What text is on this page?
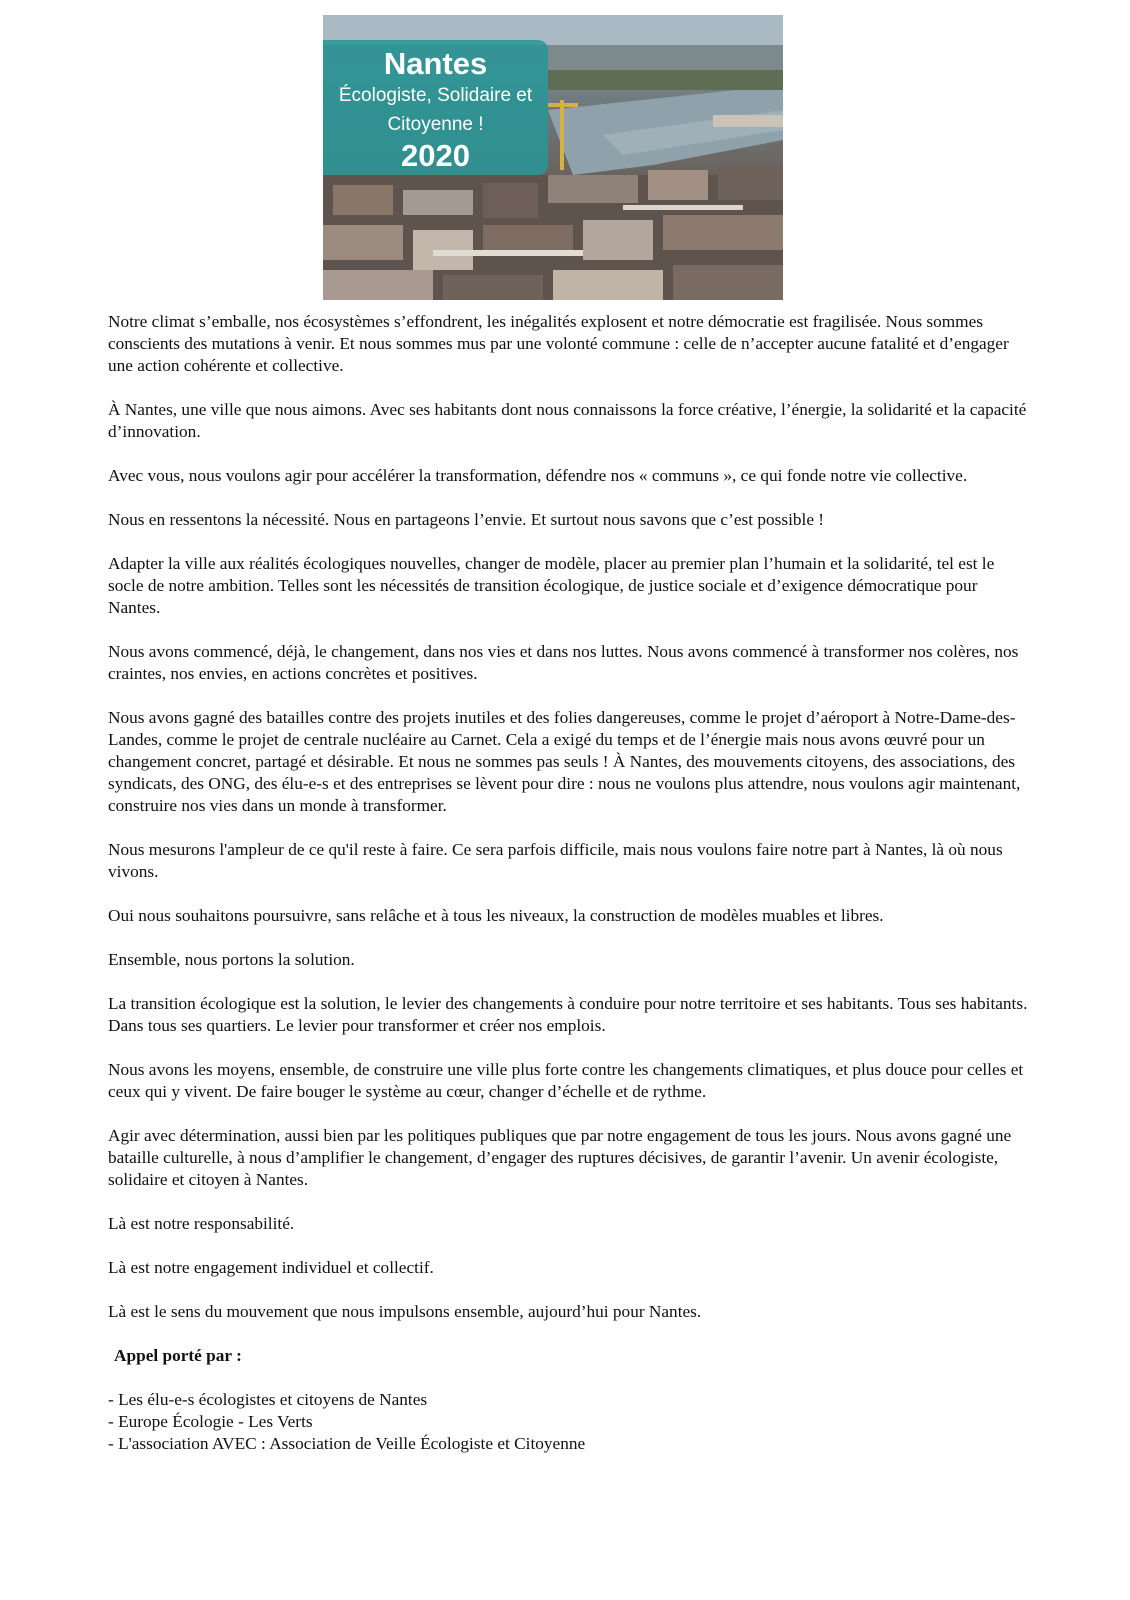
Nantes
Écologiste, Solidaire et Citoyenne !
2020

Notre climat s’emballe, nos écosystèmes s’effondrent, les inégalités explosent et notre démocratie est fragilisée. Nous sommes conscients des mutations à venir. Et nous sommes mus par une volonté commune : celle de n’accepter aucune fatalité et d’engager une action cohérente et collective.

À Nantes, une ville que nous aimons. Avec ses habitants dont nous connaissons la force créative, l’énergie, la solidarité et la capacité d’innovation.

Avec vous, nous voulons agir pour accélérer la transformation, défendre nos « communs », ce qui fonde notre vie collective.

Nous en ressentons la nécessité. Nous en partageons l’envie. Et surtout nous savons que c’est possible !

Adapter la ville aux réalités écologiques nouvelles, changer de modèle, placer au premier plan l’humain et la solidarité, tel est le socle de notre ambition. Telles sont les nécessités de transition écologique, de justice sociale et d’exigence démocratique pour Nantes.

Nous avons commencé, déjà, le changement, dans nos vies et dans nos luttes. Nous avons commencé à transformer nos colères, nos craintes, nos envies, en actions concrètes et positives.

Nous avons gagné des batailles contre des projets inutiles et des folies dangereuses, comme le projet d’aéroport à Notre-Dame-des-Landes, comme le projet de centrale nucléaire au Carnet. Cela a exigé du temps et de l’énergie mais nous avons œuvré pour un changement concret, partagé et désirable. Et nous ne sommes pas seuls ! À Nantes, des mouvements citoyens, des associations, des syndicats, des ONG, des élu-e-s et des entreprises se lèvent pour dire : nous ne voulons plus attendre, nous voulons agir maintenant, construire nos vies dans un monde à transformer.

Nous mesurons l'ampleur de ce qu'il reste à faire. Ce sera parfois difficile, mais nous voulons faire notre part à Nantes, là où nous vivons.

Oui nous souhaitons poursuivre, sans relâche et à tous les niveaux, la construction de modèles muables et libres.

Ensemble, nous portons la solution.

La transition écologique est la solution, le levier des changements à conduire pour notre territoire et ses habitants. Tous ses habitants. Dans tous ses quartiers. Le levier pour transformer et créer nos emplois.

Nous avons les moyens, ensemble, de construire une ville plus forte contre les changements climatiques, et plus douce pour celles et ceux qui y vivent. De faire bouger le système au cœur, changer d’échelle et de rythme.

Agir avec détermination, aussi bien par les politiques publiques que par notre engagement de tous les jours. Nous avons gagné une bataille culturelle, à nous d’amplifier le changement, d’engager des ruptures décisives, de garantir l’avenir. Un avenir écologiste, solidaire et citoyen à Nantes.

Là est notre responsabilité.

Là est notre engagement individuel et collectif.

Là est le sens du mouvement que nous impulsons ensemble, aujourd’hui pour Nantes.

Appel porté par :

- Les élu-e-s écologistes et citoyens de Nantes
- Europe Écologie - Les Verts
- L'association AVEC : Association de Veille Écologiste et Citoyenne
